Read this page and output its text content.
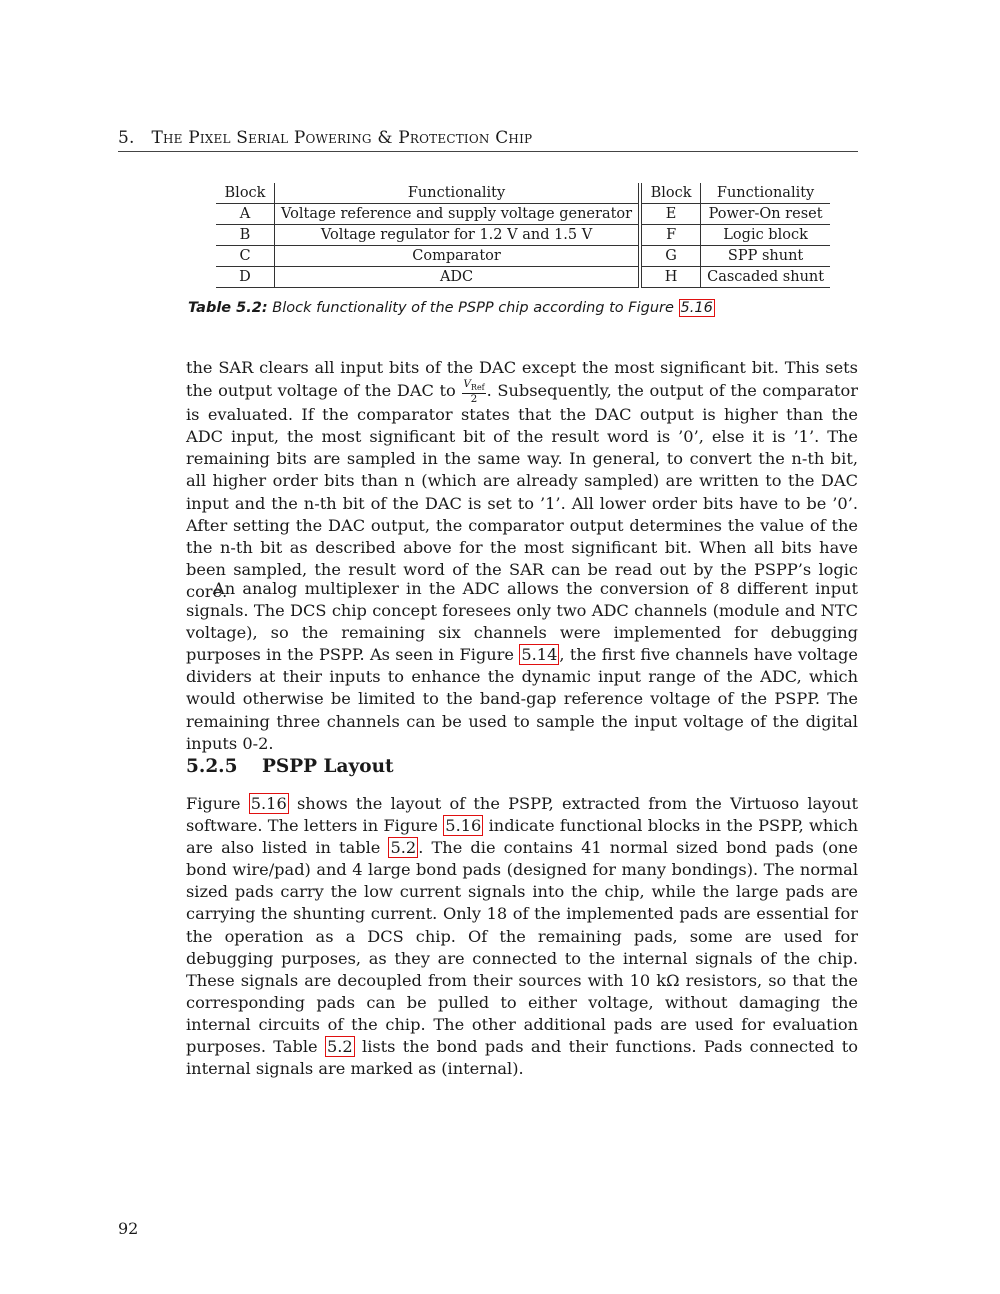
5. The Pixel Serial Powering & Protection Chip
Block	Functionality	Block	Functionality
A	Voltage reference and supply voltage generator	E	Power-On reset
B	Voltage regulator for 1.2 V and 1.5 V	F	Logic block
C	Comparator	G	SPP shunt
D	ADC	H	Cascaded shunt
Table 5.2: Block functionality of the PSPP chip according to Figure 5.16
the SAR clears all input bits of the DAC except the most significant bit. This sets the output voltage of the DAC to $\frac{V_{Ref}}{2}$ . Subsequently, the output of the comparator is evaluated. If the comparator states that the DAC output is higher than the ADC input, the most significant bit of the result word is ’0’, else it is ’1’. The remaining bits are sampled in the same way. In general, to convert the n-th bit, all higher order bits than n (which are already sampled) are written to the DAC input and the n-th bit of the DAC is set to ’1’. All lower order bits have to be ’0’. After setting the DAC output, the comparator output determines the value of the the n-th bit as described above for the most significant bit. When all bits have been sampled, the result word of the SAR can be read out by the PSPP’s logic core.
An analog multiplexer in the ADC allows the conversion of 8 different input signals. The DCS chip concept foresees only two ADC channels (module and NTC voltage), so the remaining six channels were implemented for debugging purposes in the PSPP. As seen in Figure 5.14 , the first five channels have voltage dividers at their inputs to enhance the dynamic input range of the ADC, which would otherwise be limited to the band-gap reference voltage of the PSPP. The remaining three channels can be used to sample the input voltage of the digital inputs 0-2.
5.2.5 PSPP Layout
Figure 5.16 shows the layout of the PSPP, extracted from the Virtuoso layout software. The letters in Figure 5.16 indicate functional blocks in the PSPP, which are also listed in table 5.2 . The die contains 41 normal sized bond pads (one bond wire/pad) and 4 large bond pads (designed for many bondings). The normal sized pads carry the low current signals into the chip, while the large pads are carrying the shunting current. Only 18 of the implemented pads are essential for the operation as a DCS chip. Of the remaining pads, some are used for debugging purposes, as they are connected to the internal signals of the chip. These signals are decoupled from their sources with 10 kΩ resistors, so that the corresponding pads can be pulled to either voltage, without damaging the internal circuits of the chip. The other additional pads are used for evaluation purposes. Table 5.2 lists the bond pads and their functions. Pads connected to internal signals are marked as (internal).
92
